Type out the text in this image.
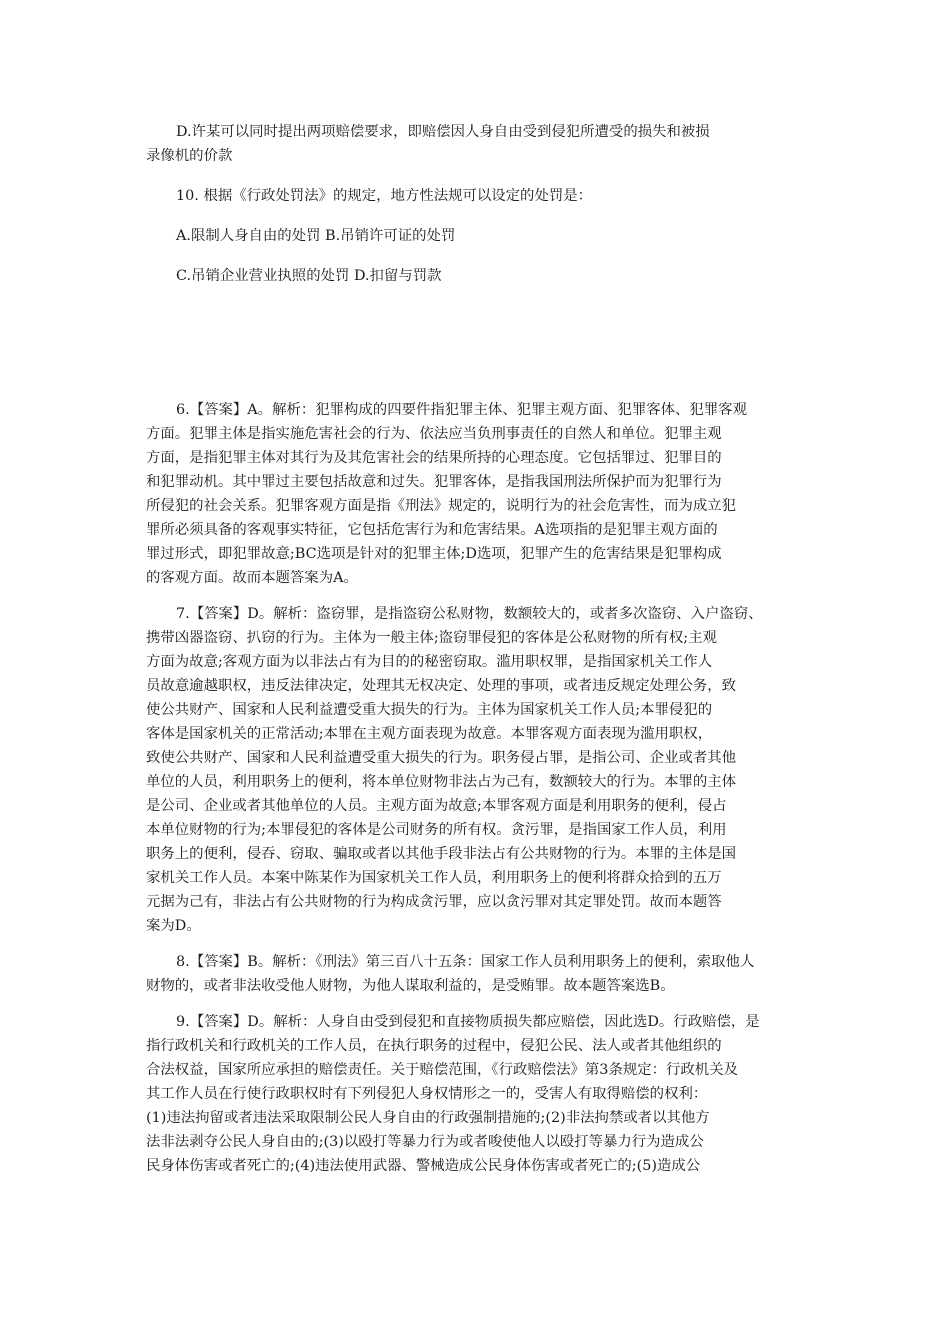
D.许某可以同时提出两项赔偿要求，即赔偿因人身自由受到侵犯所遭受的损失和被损

录像机的价款

10. 根据《行政处罚法》的规定，地方性法规可以设定的处罚是：

A.限制人身自由的处罚 B.吊销许可证的处罚

C.吊销企业营业执照的处罚 D.扣留与罚款

6.【答案】A。解析：犯罪构成的四要件指犯罪主体、犯罪主观方面、犯罪客体、犯罪客观

方面。犯罪主体是指实施危害社会的行为、依法应当负刑事责任的自然人和单位。犯罪主观

方面，是指犯罪主体对其行为及其危害社会的结果所持的心理态度。它包括罪过、犯罪目的

和犯罪动机。其中罪过主要包括故意和过失。犯罪客体，是指我国刑法所保护而为犯罪行为

所侵犯的社会关系。犯罪客观方面是指《刑法》规定的，说明行为的社会危害性，而为成立犯

罪所必须具备的客观事实特征，它包括危害行为和危害结果。A选项指的是犯罪主观方面的

罪过形式，即犯罪故意;BC选项是针对的犯罪主体;D选项，犯罪产生的危害结果是犯罪构成

的客观方面。故而本题答案为A。

7.【答案】D。解析：盗窃罪，是指盗窃公私财物，数额较大的，或者多次盗窃、入户盗窃、

携带凶器盗窃、扒窃的行为。主体为一般主体;盗窃罪侵犯的客体是公私财物的所有权;主观

方面为故意;客观方面为以非法占有为目的的秘密窃取。滥用职权罪，是指国家机关工作人

员故意逾越职权，违反法律决定，处理其无权决定、处理的事项，或者违反规定处理公务，致

使公共财产、国家和人民利益遭受重大损失的行为。主体为国家机关工作人员;本罪侵犯的

客体是国家机关的正常活动;本罪在主观方面表现为故意。本罪客观方面表现为滥用职权，

致使公共财产、国家和人民利益遭受重大损失的行为。职务侵占罪，是指公司、企业或者其他

单位的人员，利用职务上的便利，将本单位财物非法占为己有，数额较大的行为。本罪的主体

是公司、企业或者其他单位的人员。主观方面为故意;本罪客观方面是利用职务的便利，侵占

本单位财物的行为;本罪侵犯的客体是公司财务的所有权。贪污罪，是指国家工作人员，利用

职务上的便利，侵吞、窃取、骗取或者以其他手段非法占有公共财物的行为。本罪的主体是国

家机关工作人员。本案中陈某作为国家机关工作人员，利用职务上的便利将群众拾到的五万

元据为己有，非法占有公共财物的行为构成贪污罪，应以贪污罪对其定罪处罚。故而本题答

案为D。

8.【答案】B。解析：《刑法》第三百八十五条：国家工作人员利用职务上的便利，索取他人

财物的，或者非法收受他人财物，为他人谋取利益的，是受贿罪。故本题答案选B。

9.【答案】D。解析：人身自由受到侵犯和直接物质损失都应赔偿，因此选D。行政赔偿，是

指行政机关和行政机关的工作人员，在执行职务的过程中，侵犯公民、法人或者其他组织的

合法权益，国家所应承担的赔偿责任。关于赔偿范围，《行政赔偿法》第3条规定：行政机关及

其工作人员在行使行政职权时有下列侵犯人身权情形之一的，受害人有取得赔偿的权利：

(1)违法拘留或者违法采取限制公民人身自由的行政强制措施的;(2)非法拘禁或者以其他方

法非法剥夺公民人身自由的;(3)以殴打等暴力行为或者唆使他人以殴打等暴力行为造成公

民身体伤害或者死亡的;(4)违法使用武器、警械造成公民身体伤害或者死亡的;(5)造成公
